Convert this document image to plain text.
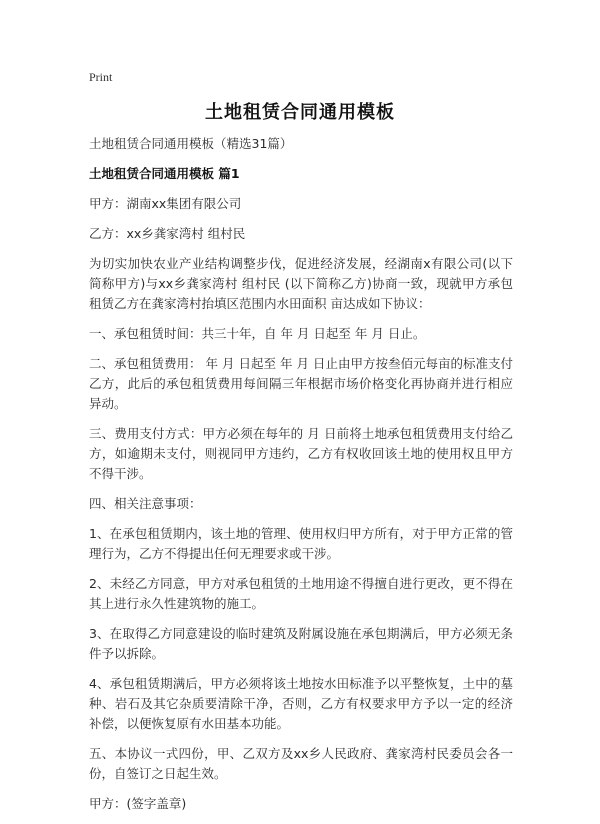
Print
土地租赁合同通用模板

土地租赁合同通用模板（精选31篇）

土地租赁合同通用模板 篇1

甲方：湖南xx集团有限公司

乙方：xx乡龚家湾村 组村民

为切实加快农业产业结构调整步伐，促进经济发展，经湖南x有限公司(以下简称甲方)与xx乡龚家湾村 组村民 (以下简称乙方)协商一致，现就甲方承包租赁乙方在龚家湾村抬填区范围内水田面积 亩达成如下协议：

一、承包租赁时间：共三十年，自 年 月 日起至 年 月 日止。

二、承包租赁费用： 年 月 日起至 年 月 日止由甲方按叁佰元每亩的标准支付乙方，此后的承包租赁费用每间隔三年根据市场价格变化再协商并进行相应异动。

三、费用支付方式：甲方必须在每年的 月 日前将土地承包租赁费用支付给乙方，如逾期未支付，则视同甲方违约，乙方有权收回该土地的使用权且甲方不得干涉。

四、相关注意事项：

1、在承包租赁期内，该土地的管理、使用权归甲方所有，对于甲方正常的管理行为，乙方不得提出任何无理要求或干涉。

2、未经乙方同意，甲方对承包租赁的土地用途不得擅自进行更改，更不得在其上进行永久性建筑物的施工。

3、在取得乙方同意建设的临时建筑及附属设施在承包期满后，甲方必须无条件予以拆除。

4、承包租赁期满后，甲方必须将该土地按水田标准予以平整恢复，土中的墓种、岩石及其它杂质要清除干净，否则，乙方有权要求甲方予以一定的经济补偿，以便恢复原有水田基本功能。

五、本协议一式四份，甲、乙双方及xx乡人民政府、龚家湾村民委员会各一份，自签订之日起生效。

甲方：(签字盖章)
